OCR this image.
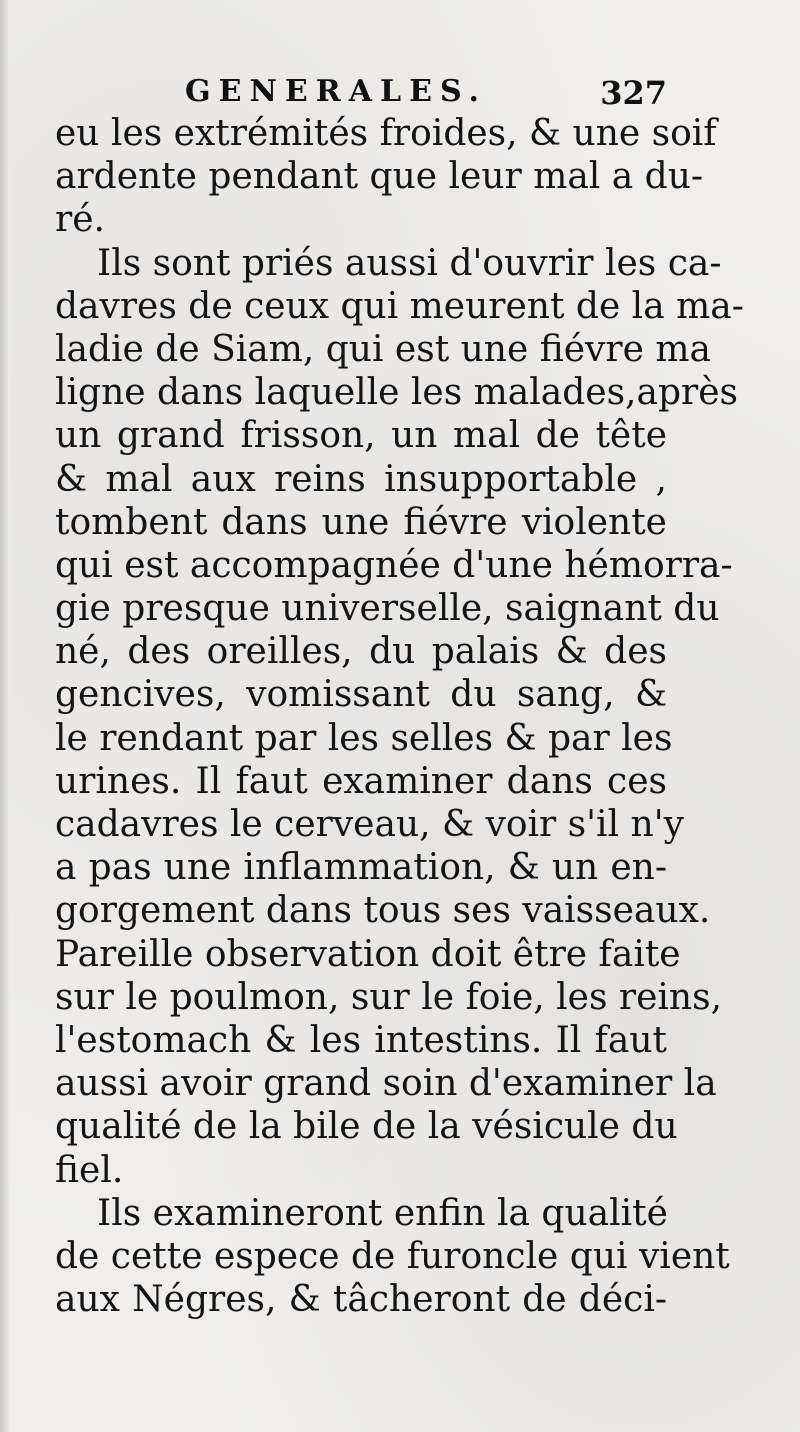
GENERALES.	327
eu les extrémités froides, & une soif
ardente pendant que leur mal a du-
ré.
Ils sont priés aussi d'ouvrir les ca-
davres de ceux qui meurent de la ma-
ladie de Siam, qui est une fiévre ma
ligne dans laquelle les malades,après
un grand frisson, un mal de tête
& mal aux reins insupportable ,
tombent dans une fiévre violente
qui est accompagnée d'une hémorra-
gie presque universelle, saignant du
né, des oreilles, du palais & des
gencives, vomissant du sang, &
le rendant par les selles & par les
urines. Il faut examiner dans ces
cadavres le cerveau, & voir s'il n'y
a pas une inflammation, & un en-
gorgement dans tous ses vaisseaux.
Pareille observation doit être faite
sur le poulmon, sur le foie, les reins,
l'estomach & les intestins. Il faut
aussi avoir grand soin d'examiner la
qualité de la bile de la vésicule du
fiel.
Ils examineront enfin la qualité
de cette espece de furoncle qui vient
aux Négres, & tâcheront de déci-
